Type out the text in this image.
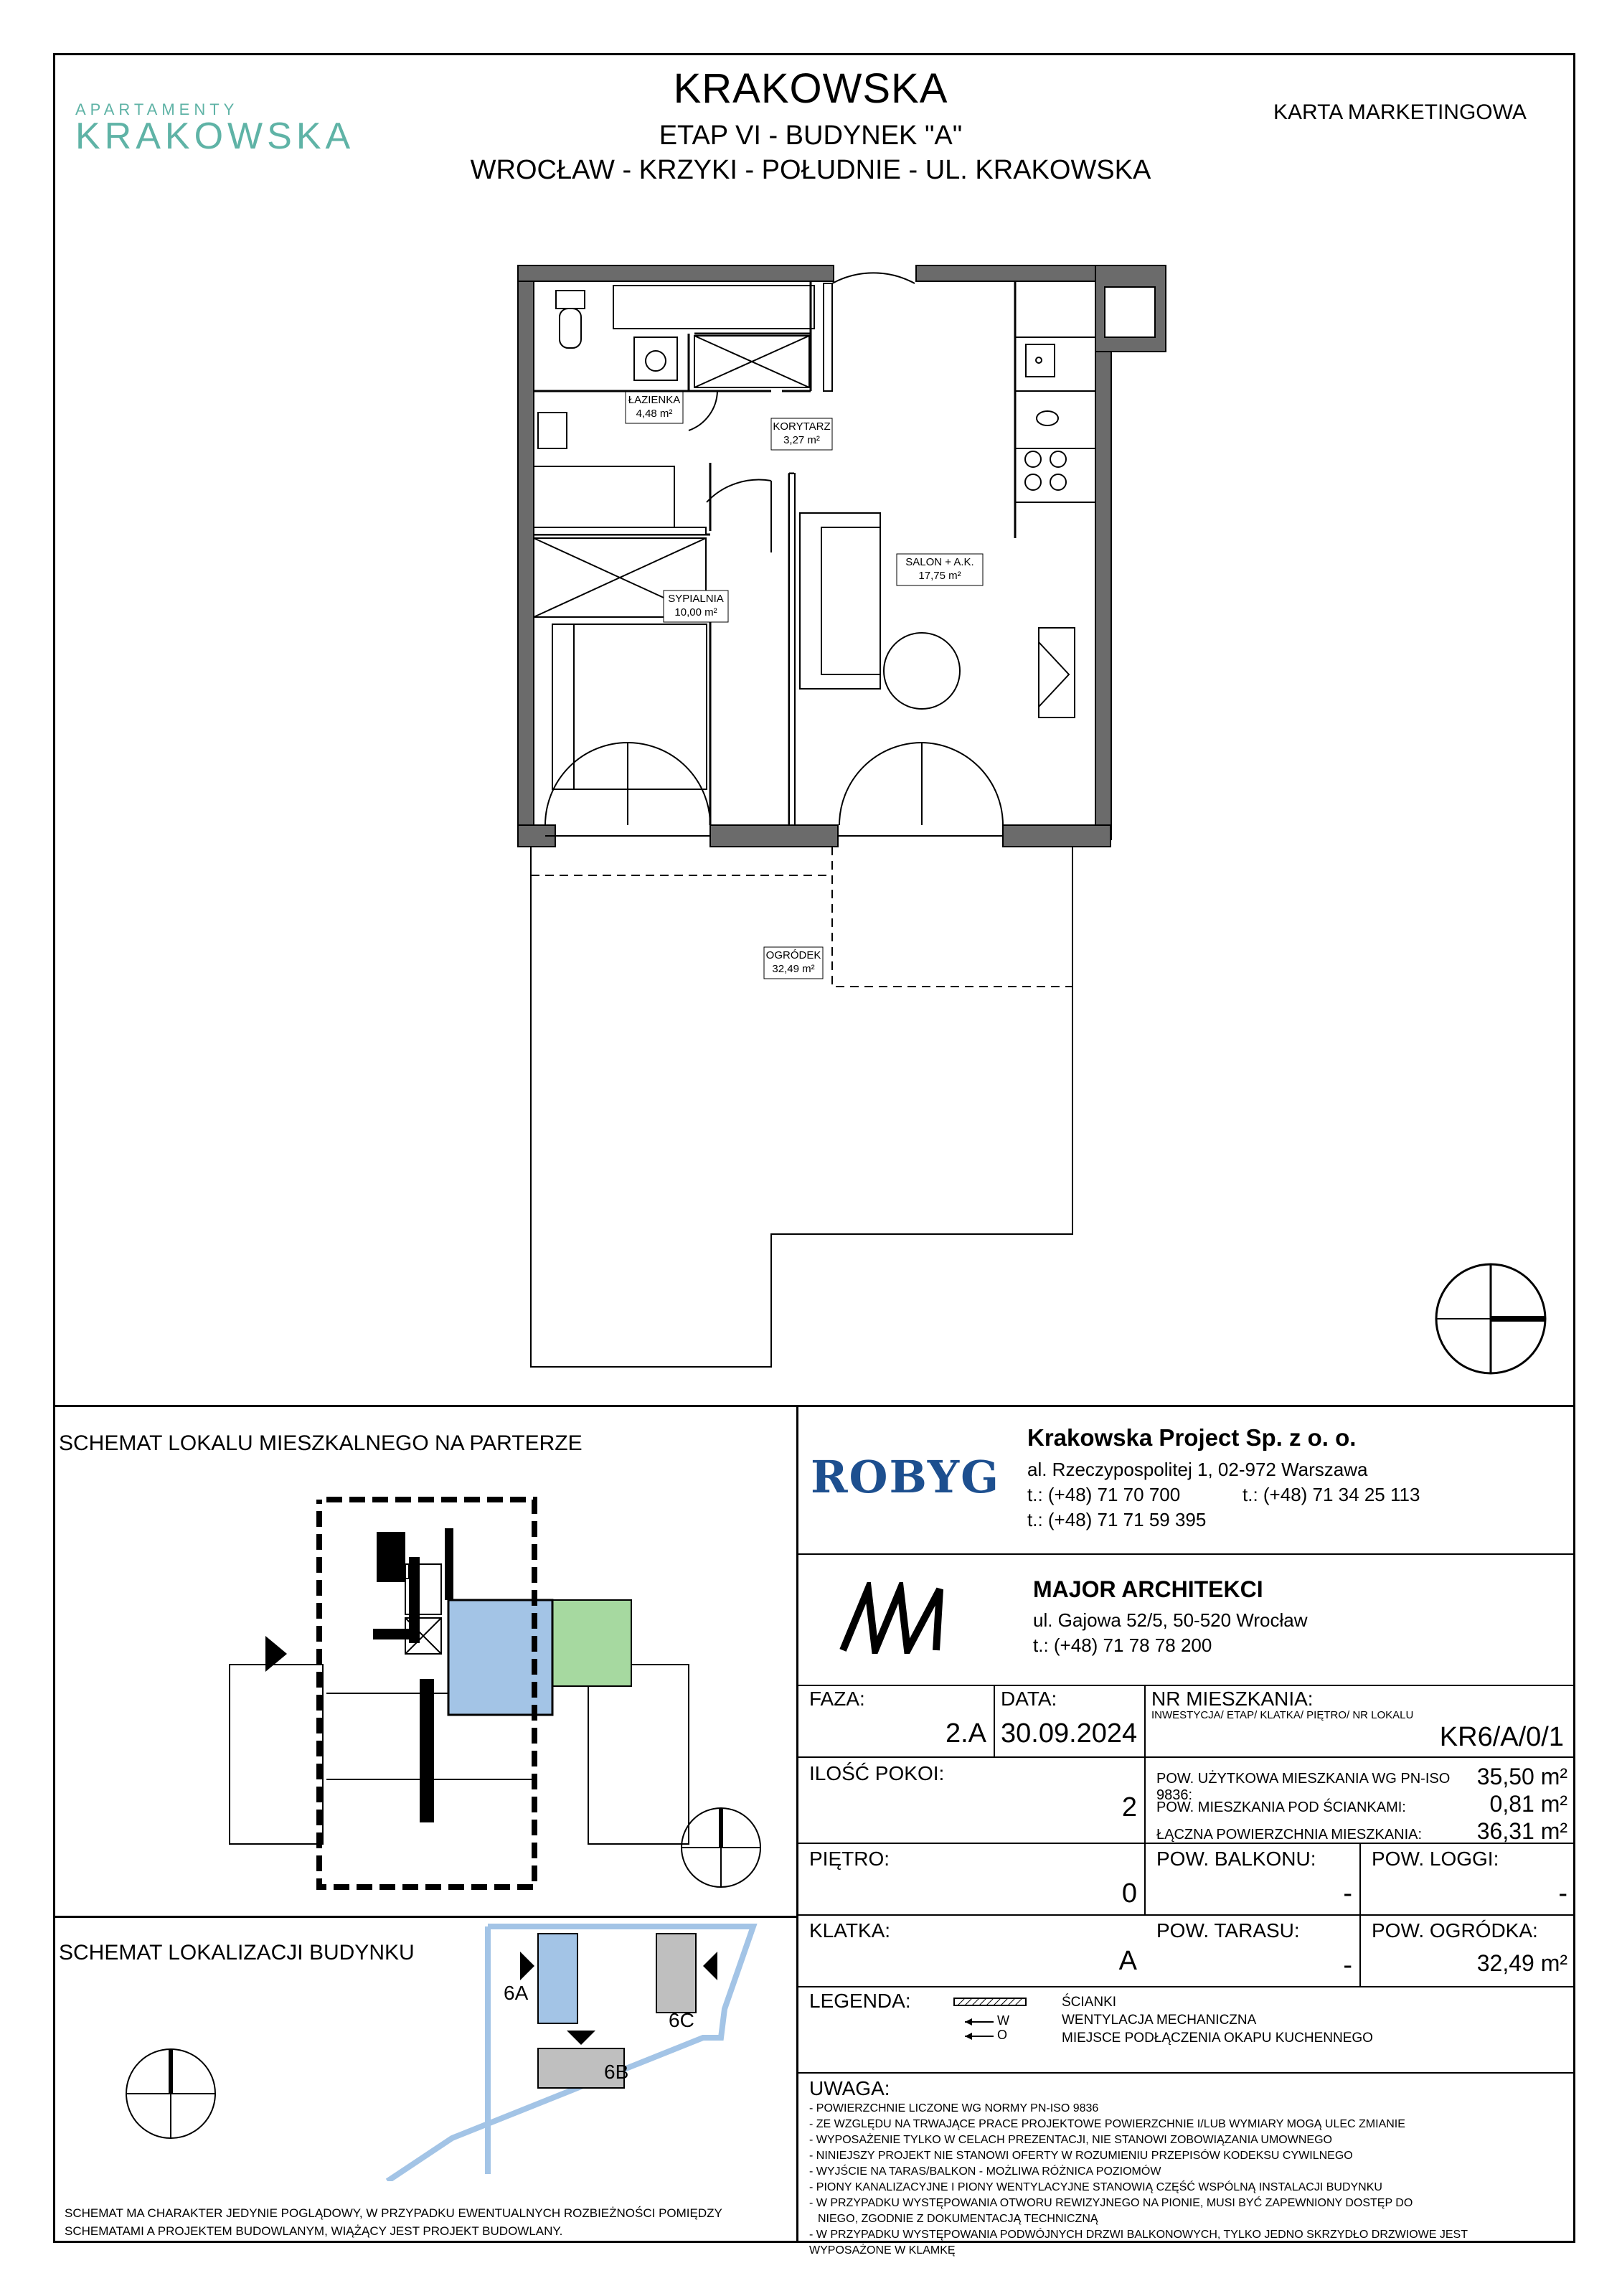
APARTAMENTY
KRAKOWSKA
KRAKOWSKA
ETAP VI - BUDYNEK "A"
WROCŁAW - KRZYKI - POŁUDNIE - UL. KRAKOWSKA
KARTA MARKETINGOWA
ŁAZIENKA
4,48 m²
KORYTARZ
3,27 m²
SALON + A.K.
17,75 m²
SYPIALNIA
10,00 m²
OGRÓDEK
32,49 m²
SCHEMAT LOKALU MIESZKALNEGO NA PARTERZE
SCHEMAT LOKALIZACJI BUDYNKU
6A
6B
6C
SCHEMAT MA CHARAKTER JEDYNIE POGLĄDOWY, W PRZYPADKU EWENTUALNYCH ROZBIEŻNOŚCI POMIĘDZY SCHEMATAMI A PROJEKTEM BUDOWLANYM, WIĄŻĄCY JEST PROJEKT BUDOWLANY.
ROBYG
Krakowska Project Sp. z o. o.
al. Rzeczypospolitej 1, 02-972 Warszawa
t.: (+48) 71 70 700	t.: (+48) 71 34 25 113
t.: (+48) 71 71 59 395
MAJOR ARCHITEKCI
ul. Gajowa 52/5, 50-520 Wrocław
t.: (+48) 71 78 78 200
FAZA:
2.A
DATA:
30.09.2024
NR MIESZKANIA:
INWESTYCJA/ ETAP/ KLATKA/ PIĘTRO/ NR LOKALU
KR6/A/0/1
ILOŚĆ POKOI:
2
POW. UŻYTKOWA MIESZKANIA WG PN-ISO 9836:
35,50 m²
POW. MIESZKANIA POD ŚCIANKAMI:	0,81 m²
ŁĄCZNA POWIERZCHNIA MIESZKANIA:	36,31 m²
PIĘTRO:
0
POW. BALKONU:
-
POW. LOGGI:
-
KLATKA:
A
POW. TARASU:
-
POW. OGRÓDKA:
32,49 m²
LEGENDA:
W
O
ŚCIANKI
WENTYLACJA MECHANICZNA
MIEJSCE PODŁĄCZENIA OKAPU KUCHENNEGO
UWAGA:
- POWIERZCHNIE LICZONE WG NORMY PN-ISO 9836
- ZE WZGLĘDU NA TRWAJĄCE PRACE PROJEKTOWE POWIERZCHNIE I/LUB WYMIARY MOGĄ ULEC ZMIANIE
- WYPOSAŻENIE TYLKO W CELACH PREZENTACJI, NIE STANOWI ZOBOWIĄZANIA UMOWNEGO
- NINIEJSZY PROJEKT NIE STANOWI OFERTY W ROZUMIENIU PRZEPISÓW KODEKSU CYWILNEGO
- WYJŚCIE NA TARAS/BALKON - MOŻLIWA RÓŻNICA POZIOMÓW
- PIONY KANALIZACYJNE I PIONY WENTYLACYJNE STANOWIĄ CZĘŚĆ WSPÓLNĄ INSTALACJI BUDYNKU
- W PRZYPADKU WYSTĘPOWANIA OTWORU REWIZYJNEGO NA PIONIE, MUSI BYĆ ZAPEWNIONY DOSTĘP DO
NIEGO, ZGODNIE Z DOKUMENTACJĄ TECHNICZNĄ
- W PRZYPADKU WYSTĘPOWANIA PODWÓJNYCH DRZWI BALKONOWYCH, TYLKO JEDNO SKRZYDŁO DRZWIOWE JEST
WYPOSAŻONE W KLAMKĘ
